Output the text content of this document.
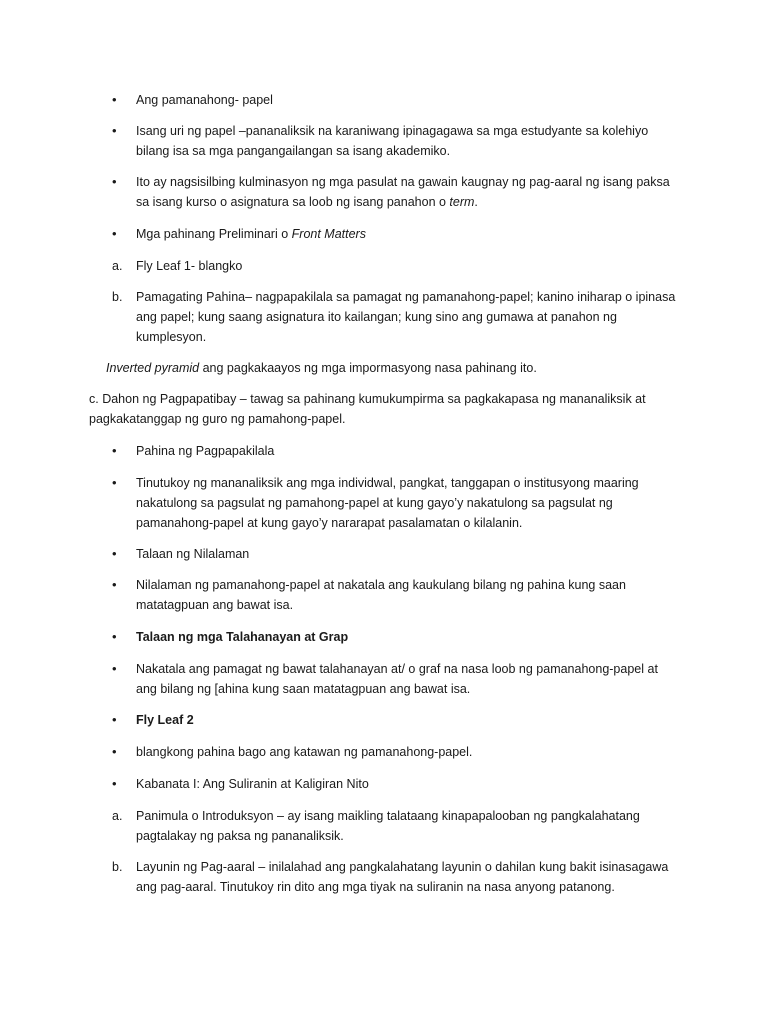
•	Ang pamanahong- papel
•	Isang uri ng papel –pananaliksik na karaniwang ipinagagawa sa mga estudyante sa kolehiyo bilang isa sa mga pangangailangan sa isang akademiko.
•	Ito ay nagsisilbing kulminasyon ng mga pasulat na gawain kaugnay ng pag-aaral ng isang paksa sa isang kurso o asignatura sa loob ng isang panahon o term.
•	Mga pahinang Preliminari o Front Matters
a.	Fly Leaf 1- blangko
b.	Pamagating Pahina– nagpapakilala sa pamagat ng pamanahong-papel; kanino iniharap o ipinasa ang papel; kung saang asignatura ito kailangan; kung sino ang gumawa at panahon ng kumplesyon.
Inverted pyramid ang pagkakaayos ng mga impormasyong nasa pahinang ito.
c. Dahon ng Pagpapatibay – tawag sa pahinang kumukumpirma sa pagkakapasa ng mananaliksik at pagkakatanggap ng guro ng pamahong-papel.
•	Pahina ng Pagpapakilala
•	Tinutukoy ng mananaliksik ang mga individwal, pangkat, tanggapan o institusyong maaring nakatulong sa pagsulat ng pamahong-papel at kung gayo’y nakatulong sa pagsulat ng pamanahong-papel at kung gayo’y nararapat pasalamatan o kilalanin.
•	Talaan ng Nilalaman
•	Nilalaman ng pamanahong-papel at nakatala ang kaukulang bilang ng pahina kung saan matatagpuan ang bawat isa.
•	Talaan ng mga Talahanayan at Grap
•	Nakatala ang pamagat ng bawat talahanayan at/ o graf na nasa loob ng pamanahong-papel at ang bilang ng [ahina kung saan matatagpuan ang bawat isa.
•	Fly Leaf 2
•	blangkong pahina bago ang katawan ng pamanahong-papel.
•	Kabanata I: Ang Suliranin at Kaligiran Nito
a.	Panimula o Introduksyon – ay isang maikling talataang kinapapalooban ng pangkalahatang pagtalakay ng paksa ng pananaliksik.
b.	Layunin ng Pag-aaral – inilalahad ang pangkalahatang layunin o dahilan kung bakit isinasagawa ang pag-aaral. Tinutukoy rin dito ang mga tiyak na suliranin na nasa anyong patanong.
